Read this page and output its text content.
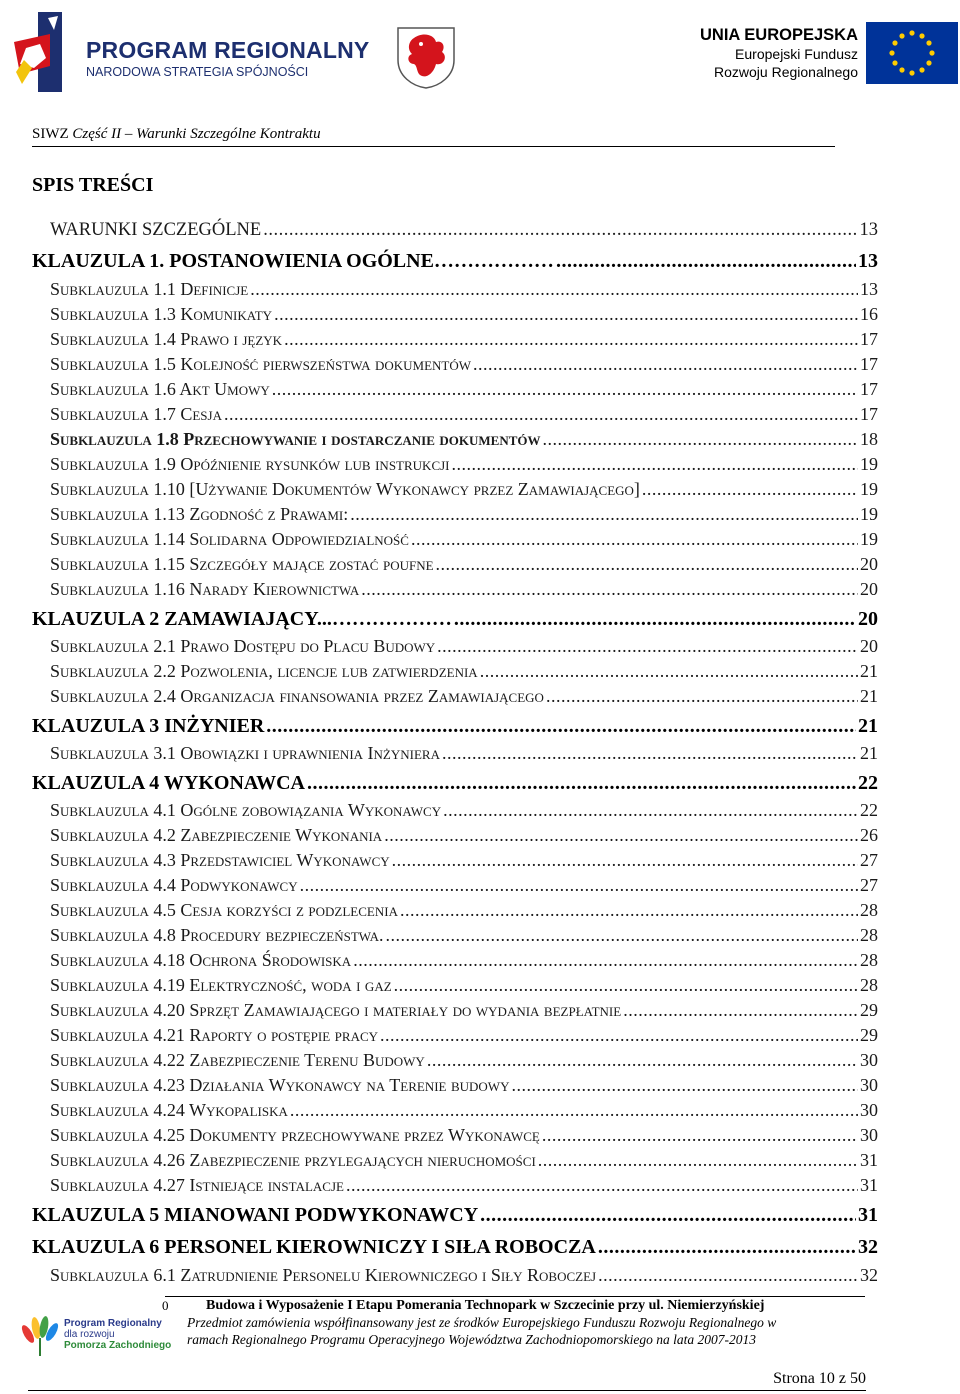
PROGRAM REGIONALNY
NARODOWA STRATEGIA SPÓJNOŚCI
UNIA EUROPEJSKA
Europejski Fundusz
Rozwoju Regionalnego
SIWZ Część II – Warunki Szczególne Kontraktu
SPIS TREŚCI
WARUNKI SZCZEGÓLNE .....	13
KLAUZULA 1. POSTANOWIENIA OGÓLNE……………… .....	13
Subklauzula 1.1 Definicje .....	13
Subklauzula 1.3 Komunikaty .....	16
Subklauzula 1.4 Prawo i język .....	17
Subklauzula 1.5 Kolejność pierwszeństwa dokumentów .....	17
Subklauzula 1.6 Akt Umowy .....	17
Subklauzula 1.7 Cesja .....	17
Subklauzula 1.8 Przechowywanie i dostarczanie dokumentów .....	18
Subklauzula 1.9 Opóźnienie rysunków lub instrukcji .....	19
Subklauzula 1.10 [Używanie Dokumentów Wykonawcy przez Zamawiającego] .....	19
Subklauzula 1.13 Zgodność z Prawami: .....	19
Subklauzula 1.14 Solidarna Odpowiedzialność .....	19
Subklauzula 1.15 Szczegóły mające zostać poufne .....	20
Subklauzula 1.16 Narady Kierownictwa .....	20
KLAUZULA 2 ZAMAWIAJĄCY...……………… .....	20
Subklauzula 2.1 Prawo Dostępu do Placu Budowy .....	20
Subklauzula 2.2 Pozwolenia, licencje lub zatwierdzenia .....	21
Subklauzula 2.4 Organizacja finansowania przez Zamawiającego .....	21
KLAUZULA 3 INŻYNIER .....	21
Subklauzula 3.1 Obowiązki i uprawnienia Inżyniera .....	21
KLAUZULA 4 WYKONAWCA .....	22
Subklauzula 4.1 Ogólne zobowiązania Wykonawcy .....	22
Subklauzula 4.2 Zabezpieczenie Wykonania .....	26
Subklauzula 4.3 Przedstawiciel Wykonawcy .....	27
Subklauzula 4.4 Podwykonawcy .....	27
Subklauzula 4.5 Cesja korzyści z podzlecenia .....	28
Subklauzula 4.8 Procedury bezpieczeństwa. .....	28
Subklauzula 4.18 Ochrona Środowiska .....	28
Subklauzula 4.19 Elektryczność, woda i gaz .....	28
Subklauzula 4.20 Sprzęt Zamawiającego i materiały do wydania bezpłatnie .....	29
Subklauzula 4.21 Raporty o postępie pracy .....	29
Subklauzula 4.22 Zabezpieczenie Terenu Budowy .....	30
Subklauzula 4.23 Działania Wykonawcy na Terenie budowy .....	30
Subklauzula 4.24 Wykopaliska .....	30
Subklauzula 4.25 Dokumenty przechowywane przez Wykonawcę .....	30
Subklauzula 4.26 Zabezpieczenie przylegających nieruchomości .....	31
Subklauzula 4.27 Istniejące instalacje .....	31
KLAUZULA 5 MIANOWANI PODWYKONAWCY .....	31
KLAUZULA 6 PERSONEL KIEROWNICZY I SIŁA ROBOCZA .....	32
Subklauzula 6.1 Zatrudnienie Personelu Kierowniczego i Siły Roboczej .....	32
0	Budowa i Wyposażenie I Etapu Pomerania Technopark w Szczecinie przy ul. Niemierzyńskiej
Przedmiot zamówienia współfinansowany jest ze środków Europejskiego Funduszu Rozwoju Regionalnego w
ramach Regionalnego Programu Operacyjnego Województwa Zachodniopomorskiego na lata 2007-2013
Program Regionalny
dla rozwoju
Pomorza Zachodniego
Strona 10 z 50
